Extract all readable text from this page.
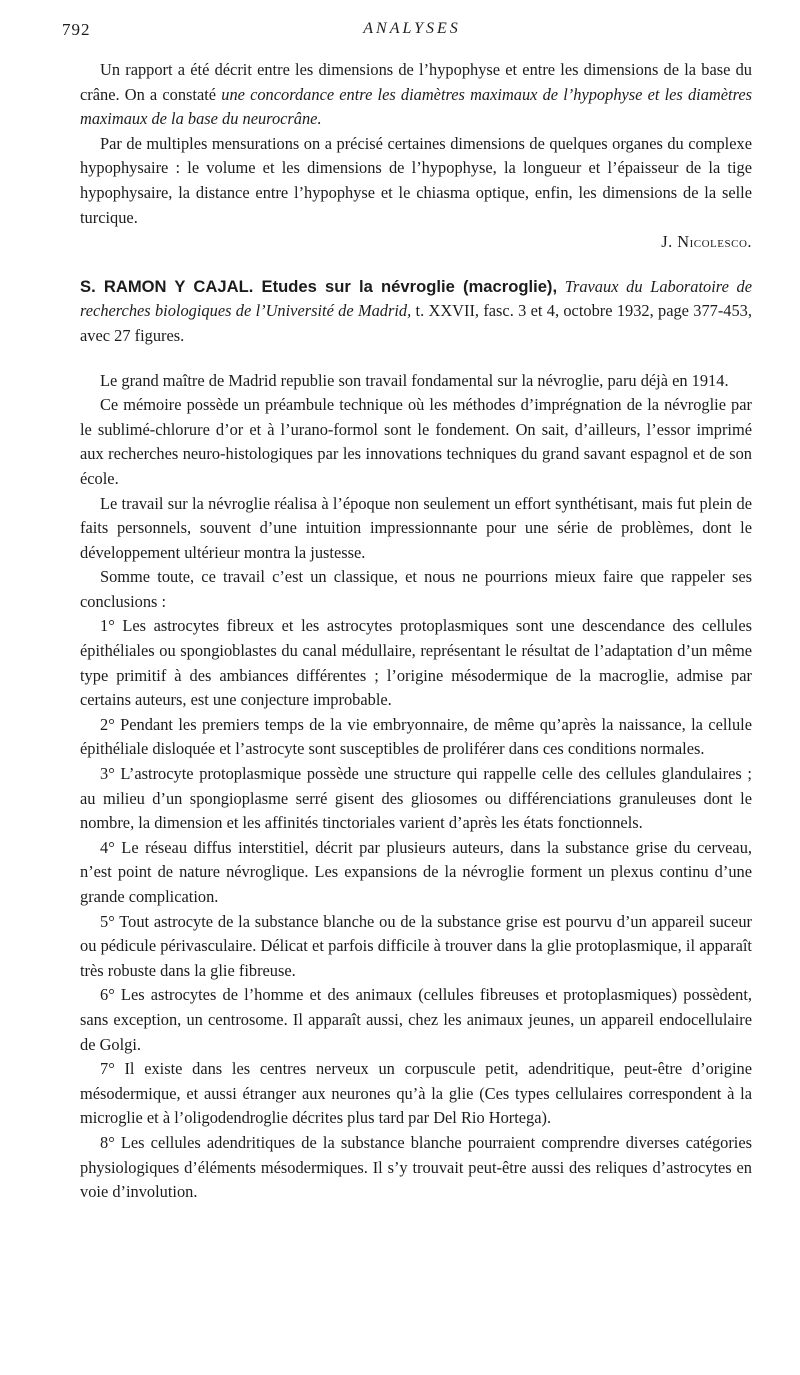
792	ANALYSES

Un rapport a été décrit entre les dimensions de l’hypophyse et entre les dimensions de la base du crâne. On a constaté une concordance entre les diamètres maximaux de l’hypophyse et les diamètres maximaux de la base du neurocrâne.

Par de multiples mensurations on a précisé certaines dimensions de quelques organes du complexe hypophysaire : le volume et les dimensions de l’hypophyse, la longueur et l’épaisseur de la tige hypophysaire, la distance entre l’hypophyse et le chiasma optique, enfin, les dimensions de la selle turcique.

J. Nicolesco.

S. RAMON Y CAJAL. Etudes sur la névroglie (macroglie), Travaux du Laboratoire de recherches biologiques de l’Université de Madrid, t. XXVII, fasc. 3 et 4, octobre 1932, page 377-453, avec 27 figures.

Le grand maître de Madrid republie son travail fondamental sur la névroglie, paru déjà en 1914.

Ce mémoire possède un préambule technique où les méthodes d’imprégnation de la névroglie par le sublimé-chlorure d’or et à l’urano-formol sont le fondement. On sait, d’ailleurs, l’essor imprimé aux recherches neuro-histologiques par les innovations techniques du grand savant espagnol et de son école.

Le travail sur la névroglie réalisa à l’époque non seulement un effort synthétisant, mais fut plein de faits personnels, souvent d’une intuition impressionnante pour une série de problèmes, dont le développement ultérieur montra la justesse.

Somme toute, ce travail c’est un classique, et nous ne pourrions mieux faire que rappeler ses conclusions :

1° Les astrocytes fibreux et les astrocytes protoplasmiques sont une descendance des cellules épithéliales ou spongioblastes du canal médullaire, représentant le résultat de l’adaptation d’un même type primitif à des ambiances différentes ; l’origine mésodermique de la macroglie, admise par certains auteurs, est une conjecture improbable.

2° Pendant les premiers temps de la vie embryonnaire, de même qu’après la naissance, la cellule épithéliale disloquée et l’astrocyte sont susceptibles de proliférer dans ces conditions normales.

3° L’astrocyte protoplasmique possède une structure qui rappelle celle des cellules glandulaires ; au milieu d’un spongioplasme serré gisent des gliosomes ou différenciations granuleuses dont le nombre, la dimension et les affinités tinctoriales varient d’après les états fonctionnels.

4° Le réseau diffus interstitiel, décrit par plusieurs auteurs, dans la substance grise du cerveau, n’est point de nature névroglique. Les expansions de la névroglie forment un plexus continu d’une grande complication.

5° Tout astrocyte de la substance blanche ou de la substance grise est pourvu d’un appareil suceur ou pédicule périvasculaire. Délicat et parfois difficile à trouver dans la glie protoplasmique, il apparaît très robuste dans la glie fibreuse.

6° Les astrocytes de l’homme et des animaux (cellules fibreuses et protoplasmiques) possèdent, sans exception, un centrosome. Il apparaît aussi, chez les animaux jeunes, un appareil endocellulaire de Golgi.

7° Il existe dans les centres nerveux un corpuscule petit, adendritique, peut-être d’origine mésodermique, et aussi étranger aux neurones qu’à la glie (Ces types cellulaires correspondent à la microglie et à l’oligodendroglie décrites plus tard par Del Rio Hortega).

8° Les cellules adendritiques de la substance blanche pourraient comprendre diverses catégories physiologiques d’éléments mésodermiques. Il s’y trouvait peut-être aussi des reliques d’astrocytes en voie d’involution.
